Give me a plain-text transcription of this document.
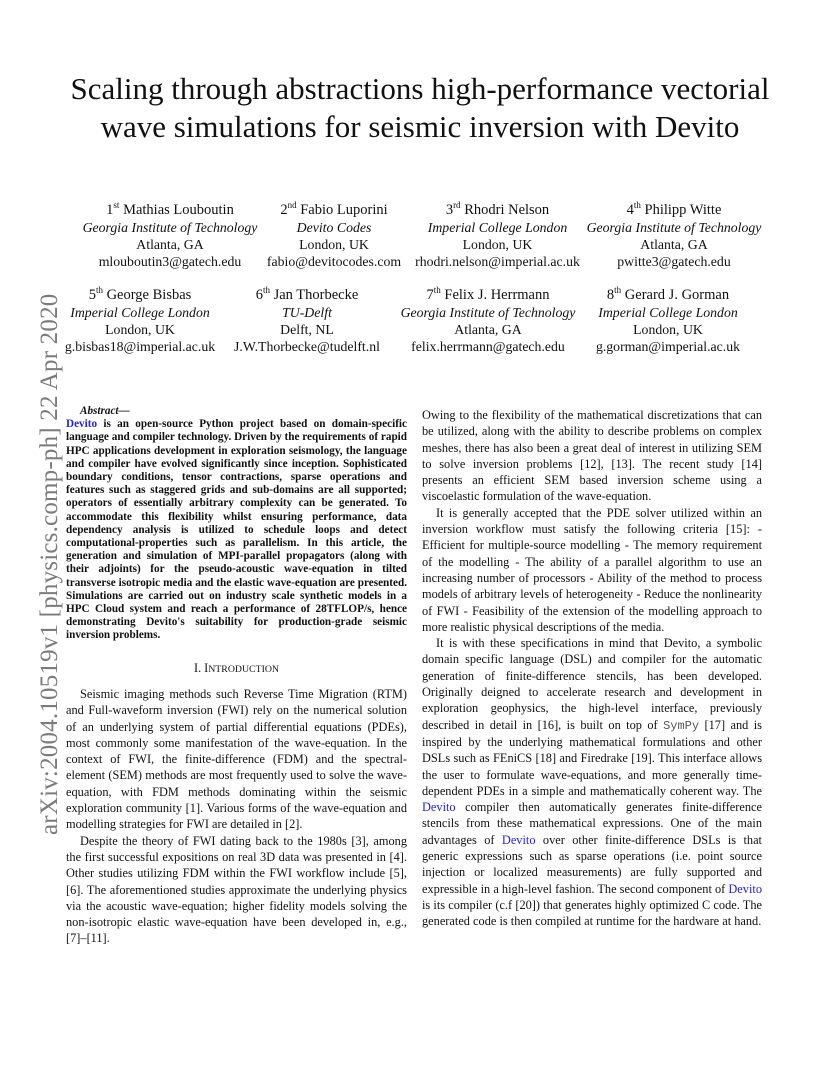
arXiv:2004.10519v1 [physics.comp-ph] 22 Apr 2020
Scaling through abstractions high-performance vectorial wave simulations for seismic inversion with Devito
1st Mathias Louboutin
Georgia Institute of Technology
Atlanta, GA
mlouboutin3@gatech.edu
2nd Fabio Luporini
Devito Codes
London, UK
fabio@devitocodes.com
3rd Rhodri Nelson
Imperial College London
London, UK
rhodri.nelson@imperial.ac.uk
4th Philipp Witte
Georgia Institute of Technology
Atlanta, GA
pwitte3@gatech.edu
5th George Bisbas
Imperial College London
London, UK
g.bisbas18@imperial.ac.uk
6th Jan Thorbecke
TU-Delft
Delft, NL
J.W.Thorbecke@tudelft.nl
7th Felix J. Herrmann
Georgia Institute of Technology
Atlanta, GA
felix.herrmann@gatech.edu
8th Gerard J. Gorman
Imperial College London
London, UK
g.gorman@imperial.ac.uk

Abstract—
Devito is an open-source Python project based on domain-specific language and compiler technology. Driven by the requirements of rapid HPC applications development in exploration seismology, the language and compiler have evolved significantly since inception. Sophisticated boundary conditions, tensor contractions, sparse operations and features such as staggered grids and sub-domains are all supported; operators of essentially arbitrary complexity can be generated. To accommodate this flexibility whilst ensuring performance, data dependency analysis is utilized to schedule loops and detect computational-properties such as parallelism. In this article, the generation and simulation of MPI-parallel propagators (along with their adjoints) for the pseudo-acoustic wave-equation in tilted transverse isotropic media and the elastic wave-equation are presented. Simulations are carried out on industry scale synthetic models in a HPC Cloud system and reach a performance of 28TFLOP/s, hence demonstrating Devito's suitability for production-grade seismic inversion problems.

I. INTRODUCTION

Seismic imaging methods such Reverse Time Migration (RTM) and Full-waveform inversion (FWI) rely on the numerical solution of an underlying system of partial differential equations (PDEs), most commonly some manifestation of the wave-equation. In the context of FWI, the finite-difference (FDM) and the spectral-element (SEM) methods are most frequently used to solve the wave-equation, with FDM methods dominating within the seismic exploration community [1]. Various forms of the wave-equation and modelling strategies for FWI are detailed in [2].

Despite the theory of FWI dating back to the 1980s [3], among the first successful expositions on real 3D data was presented in [4]. Other studies utilizing FDM within the FWI workflow include [5], [6]. The aforementioned studies approximate the underlying physics via the acoustic wave-equation; higher fidelity models solving the non-isotropic elastic wave-equation have been developed in, e.g., [7]–[11].

Owing to the flexibility of the mathematical discretizations that can be utilized, along with the ability to describe problems on complex meshes, there has also been a great deal of interest in utilizing SEM to solve inversion problems [12], [13]. The recent study [14] presents an efficient SEM based inversion scheme using a viscoelastic formulation of the wave-equation.

It is generally accepted that the PDE solver utilized within an inversion workflow must satisfy the following criteria [15]: - Efficient for multiple-source modelling - The memory requirement of the modelling - The ability of a parallel algorithm to use an increasing number of processors - Ability of the method to process models of arbitrary levels of heterogeneity - Reduce the nonlinearity of FWI - Feasibility of the extension of the modelling approach to more realistic physical descriptions of the media.

It is with these specifications in mind that Devito, a symbolic domain specific language (DSL) and compiler for the automatic generation of finite-difference stencils, has been developed. Originally deigned to accelerate research and development in exploration geophysics, the high-level interface, previously described in detail in [16], is built on top of SymPy [17] and is inspired by the underlying mathematical formulations and other DSLs such as FEniCS [18] and Firedrake [19]. This interface allows the user to formulate wave-equations, and more generally time-dependent PDEs in a simple and mathematically coherent way. The Devito compiler then automatically generates finite-difference stencils from these mathematical expressions. One of the main advantages of Devito over other finite-difference DSLs is that generic expressions such as sparse operations (i.e. point source injection or localized measurements) are fully supported and expressible in a high-level fashion. The second component of Devito is its compiler (c.f [20]) that generates highly optimized C code. The generated code is then compiled at runtime for the hardware at hand.
